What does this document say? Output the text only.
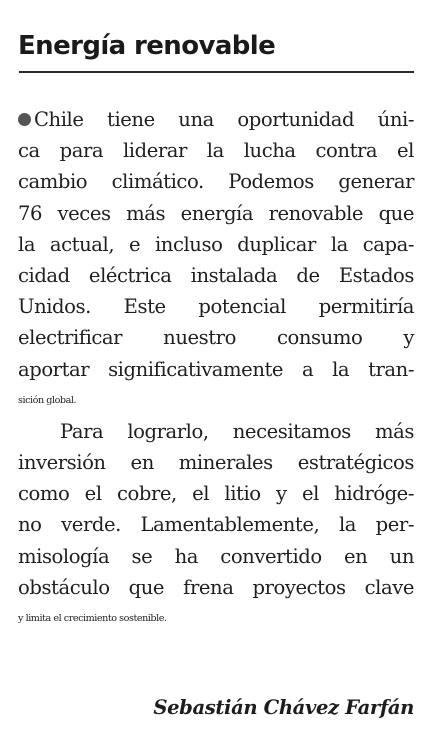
Energía renovable
Chile tiene una oportunidad úni-
ca para liderar la lucha contra el
cambio climático. Podemos generar
76 veces más energía renovable que
la actual, e incluso duplicar la capa-
cidad eléctrica instalada de Estados
Unidos. Este potencial permitiría
electrificar nuestro consumo y
aportar significativamente a la tran-
sición global.
Para lograrlo, necesitamos más
inversión en minerales estratégicos
como el cobre, el litio y el hidróge-
no verde. Lamentablemente, la per-
misología se ha convertido en un
obstáculo que frena proyectos clave
y limita el crecimiento sostenible.

Sebastián Chávez Farfán
